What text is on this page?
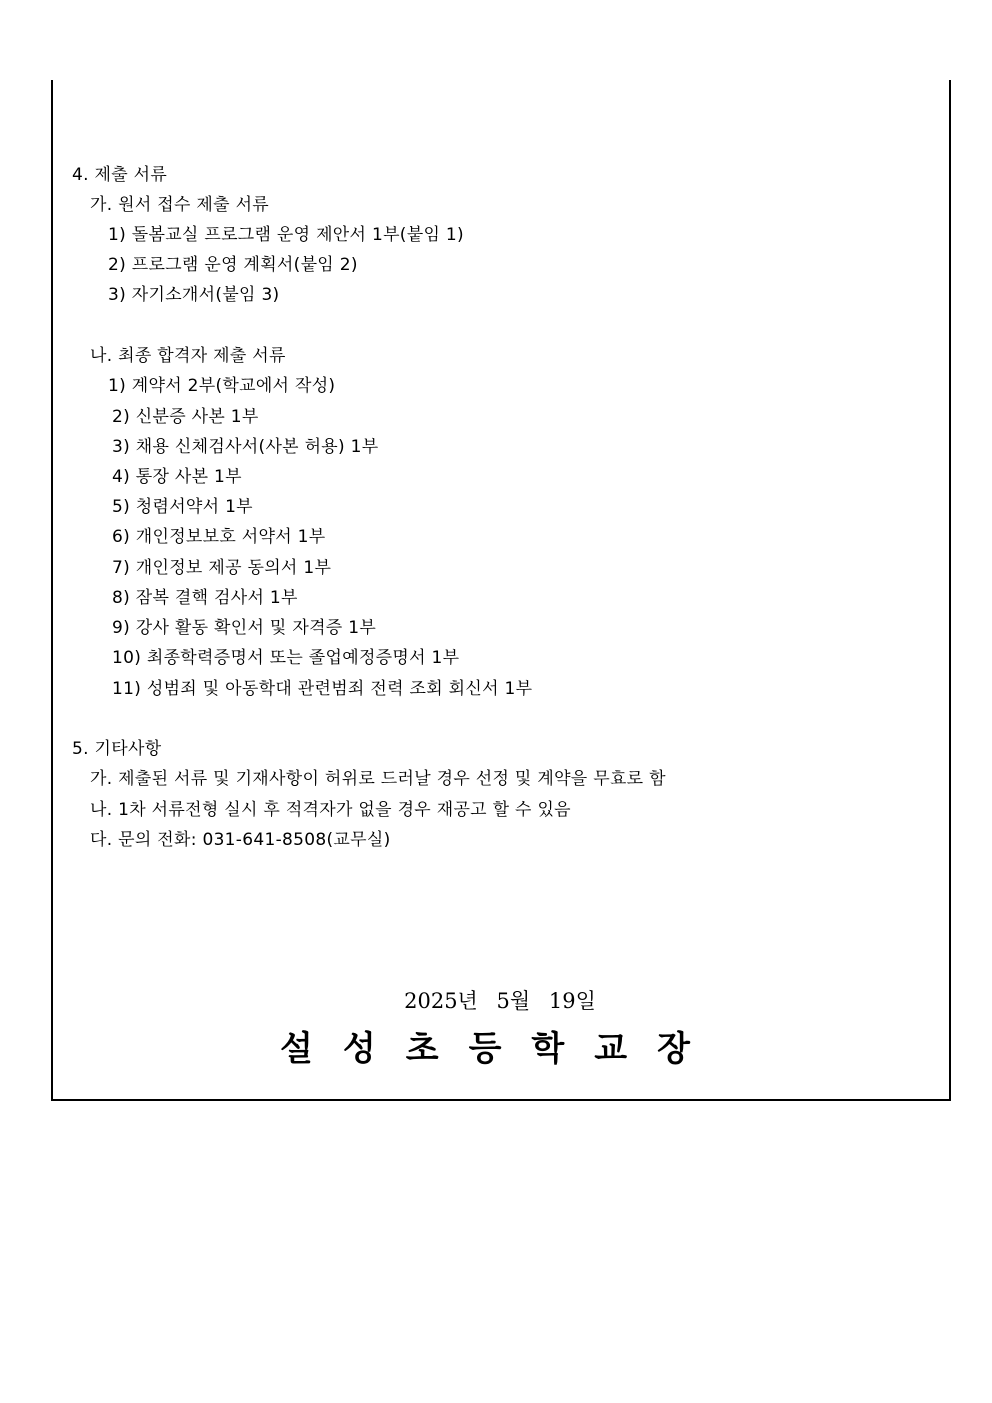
4. 제출 서류
가. 원서 접수 제출 서류
1) 돌봄교실 프로그램 운영 제안서 1부(붙임 1)
2) 프로그램 운영 계획서(붙임 2)
3) 자기소개서(붙임 3)
나. 최종 합격자 제출 서류
1) 계약서 2부(학교에서 작성)
2) 신분증 사본 1부
3) 채용 신체검사서(사본 허용) 1부
4) 통장 사본 1부
5) 청렴서약서 1부
6) 개인정보보호 서약서 1부
7) 개인정보 제공 동의서 1부
8) 잠복 결핵 검사서 1부
9) 강사 활동 확인서 및 자격증 1부
10) 최종학력증명서 또는 졸업예정증명서 1부
11) 성범죄 및 아동학대 관련범죄 전력 조회 회신서 1부
5. 기타사항
가. 제출된 서류 및 기재사항이 허위로 드러날 경우 선정 및 계약을 무효로 함
나. 1차 서류전형 실시 후 적격자가 없을 경우 재공고 할 수 있음
다. 문의 전화: 031-641-8508(교무실)
2025년 5월 19일
설성초등학교장
